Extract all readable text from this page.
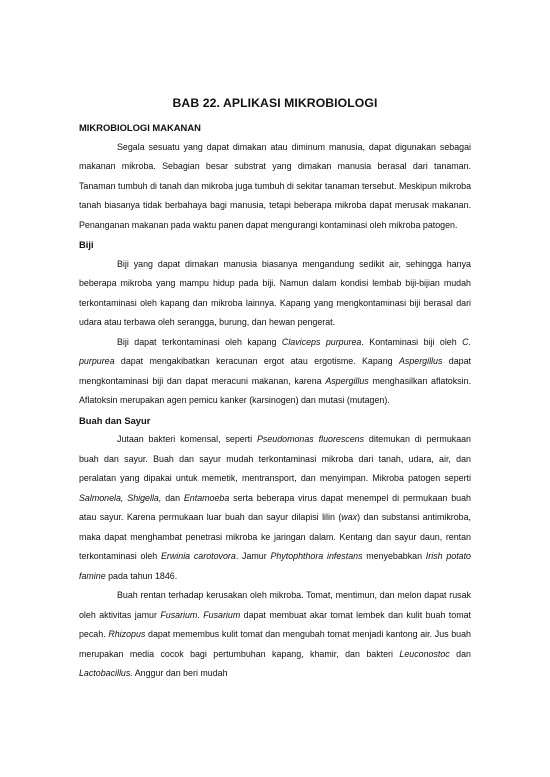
BAB 22. APLIKASI MIKROBIOLOGI
MIKROBIOLOGI MAKANAN

Segala sesuatu yang dapat dimakan atau diminum manusia, dapat digunakan sebagai makanan mikroba. Sebagian besar substrat yang dimakan manusia berasal dari tanaman. Tanaman tumbuh di tanah dan mikroba juga tumbuh di sekitar tanaman tersebut. Meskipun mikroba tanah biasanya tidak berbahaya bagi manusia, tetapi beberapa mikroba dapat merusak makanan. Penanganan makanan pada waktu panen dapat mengurangi kontaminasi oleh mikroba patogen.

Biji

Biji yang dapat dimakan manusia biasanya mengandung sedikit air, sehingga hanya beberapa mikroba yang mampu hidup pada biji. Namun dalam kondisi lembab biji-bijian mudah terkontaminasi oleh kapang dan mikroba lainnya. Kapang yang mengkontaminasi biji berasal dari udara atau terbawa oleh serangga, burung, dan hewan pengerat.

Biji dapat terkontaminasi oleh kapang Claviceps purpurea. Kontaminasi biji oleh C. purpurea dapat mengakibatkan keracunan ergot atau ergotisme. Kapang Aspergillus dapat mengkontaminasi biji dan dapat meracuni makanan, karena Aspergillus menghasilkan aflatoksin. Aflatoksin merupakan agen pemicu kanker (karsinogen) dan mutasi (mutagen).

Buah dan Sayur

Jutaan bakteri komensal, seperti Pseudomonas fluorescens ditemukan di permukaan buah dan sayur. Buah dan sayur mudah terkontaminasi mikroba dari tanah, udara, air, dan peralatan yang dipakai untuk memetik, mentransport, dan menyimpan. Mikroba patogen seperti Salmonela, Shigella, dan Entamoeba serta beberapa virus dapat menempel di permukaan buah atau sayur. Karena permukaan luar buah dan sayur dilapisi lilin (wax) dan substansi antimikroba, maka dapat menghambat penetrasi mikroba ke jaringan dalam. Kentang dan sayur daun, rentan terkontaminasi oleh Erwinia carotovora. Jamur Phytophthora infestans menyebabkan Irish potato famine pada tahun 1846.

Buah rentan terhadap kerusakan oleh mikroba. Tomat, mentimun, dan melon dapat rusak oleh aktivitas jamur Fusarium. Fusarium dapat membuat akar tomat lembek dan kulit buah tomat pecah. Rhizopus dapat memembus kulit tomat dan mengubah tomat menjadi kantong air. Jus buah merupakan media cocok bagi pertumbuhan kapang, khamir, dan bakteri Leuconostoc dan Lactobacillus. Anggur dan beri mudah
